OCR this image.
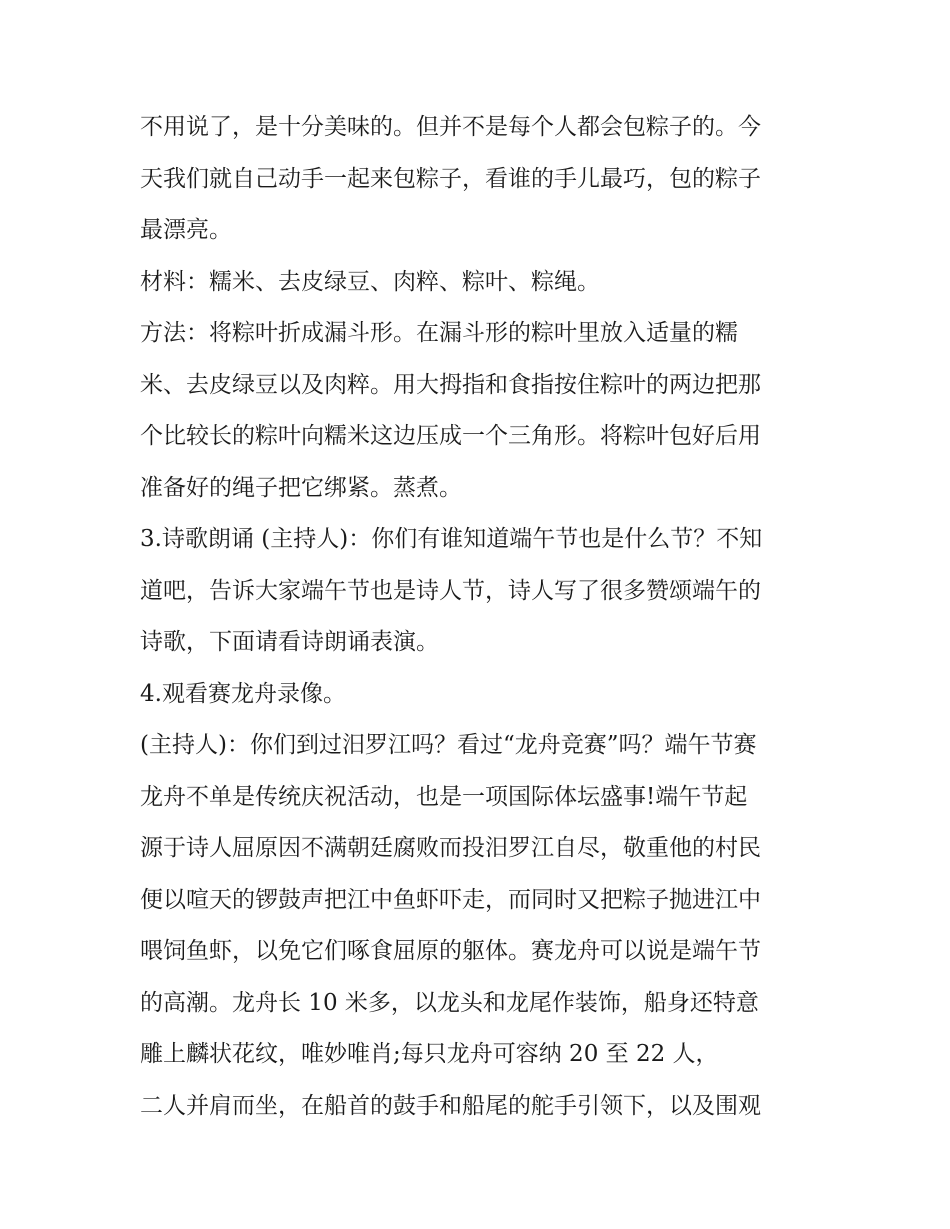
不用说了，是十分美味的。但并不是每个人都会包粽子的。今
天我们就自己动手一起来包粽子，看谁的手儿最巧，包的粽子
最漂亮。
材料：糯米、去皮绿豆、肉粹、粽叶、粽绳。
方法：将粽叶折成漏斗形。在漏斗形的粽叶里放入适量的糯
米、去皮绿豆以及肉粹。用大拇指和食指按住粽叶的两边把那
个比较长的粽叶向糯米这边压成一个三角形。将粽叶包好后用
准备好的绳子把它绑紧。蒸煮。
3.诗歌朗诵 (主持人)：你们有谁知道端午节也是什么节？不知
道吧，告诉大家端午节也是诗人节，诗人写了很多赞颂端午的
诗歌，下面请看诗朗诵表演。
4.观看赛龙舟录像。
(主持人)：你们到过汨罗江吗？看过“龙舟竞赛”吗？端午节赛
龙舟不单是传统庆祝活动，也是一项国际体坛盛事!端午节起
源于诗人屈原因不满朝廷腐败而投汨罗江自尽，敬重他的村民
便以喧天的锣鼓声把江中鱼虾吓走，而同时又把粽子抛进江中
喂饲鱼虾，以免它们啄食屈原的躯体。赛龙舟可以说是端午节
的高潮。龙舟长 10 米多，以龙头和龙尾作装饰，船身还特意
雕上麟状花纹，唯妙唯肖;每只龙舟可容纳 20 至 22 人，
二人并肩而坐，在船首的鼓手和船尾的舵手引领下，以及围观
